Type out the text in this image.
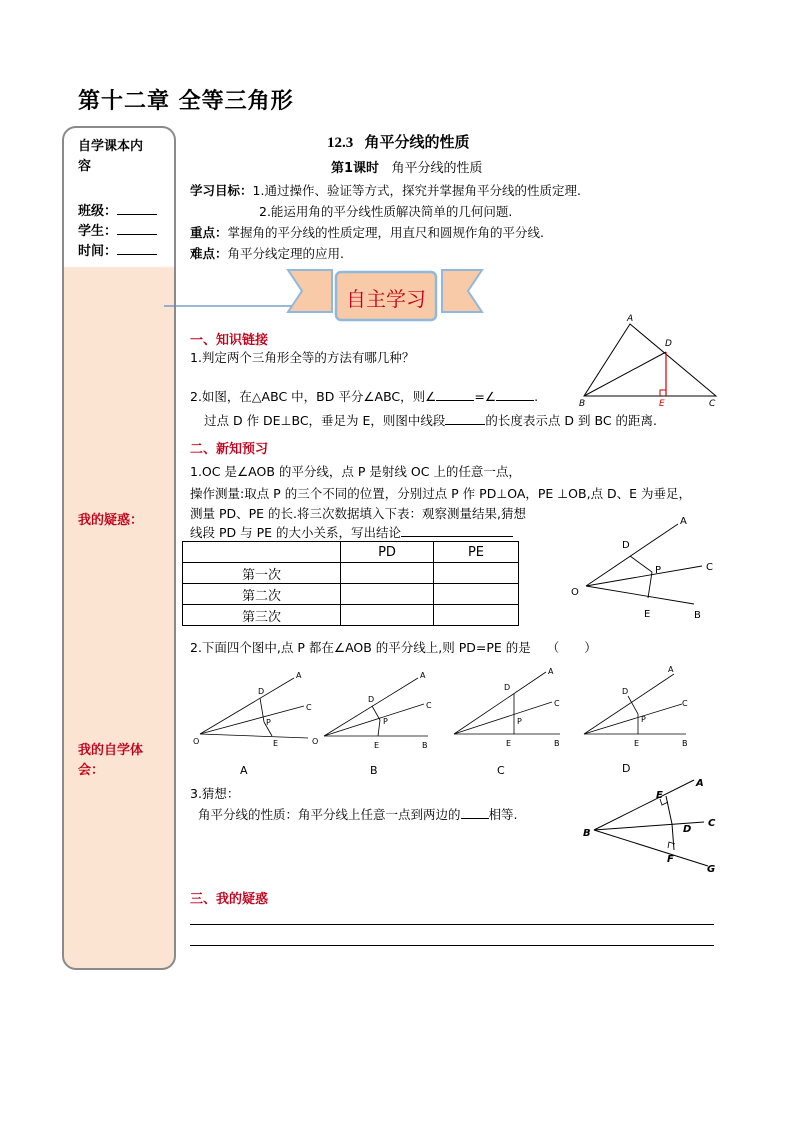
第十二章 全等三角形
自学课本内
容
班级：
学生：
时间：
我的疑惑：
我的自学体
会：
12.3 角平分线的性质
第1课时 角平分线的性质
学习目标：1.通过操作、验证等方式，探究并掌握角平分线的性质定理.
2.能运用角的平分线性质解决简单的几何问题.
重点：掌握角的平分线的性质定理，用直尺和圆规作角的平分线.
难点：角平分线定理的应用.
自主学习
一、知识链接
1.判定两个三角形全等的方法有哪几种？
2.如图，在△ABC 中，BD 平分∠ABC，则∠	=∠	.
过点 D 作 DE⊥BC，垂足为 E，则图中线段	的长度表示点 D 到 BC 的距离.
A
B	C
D
E
二、新知预习
1.OC 是∠AOB 的平分线，点 P 是射线 OC 上的任意一点，
操作测量:取点 P 的三个不同的位置，分别过点 P 作 PD⊥OA，PE ⊥OB,点 D、E 为垂足，
测量 PD、PE 的长.将三次数据填入下表：观察测量结果,猜想
线段 PD 与 PE 的大小关系，写出结论
	PD	PE
第一次		
第二次		
第三次		
A
C
B
O
D
E
P
2.下面四个图中,点 P 都在∠AOB 的平分线上,则 PD=PE 的是 （　　）
D
P
E
A
C
O	O
D
P
E
A
C
B
D
P
E
A
C
B
D
P
E
A
C
B
A	B	C	D
3.猜想：
角平分线的性质：角平分线上任意一点到两边的 相等.
A
B
C
D
E
F
G
三、我的疑惑
